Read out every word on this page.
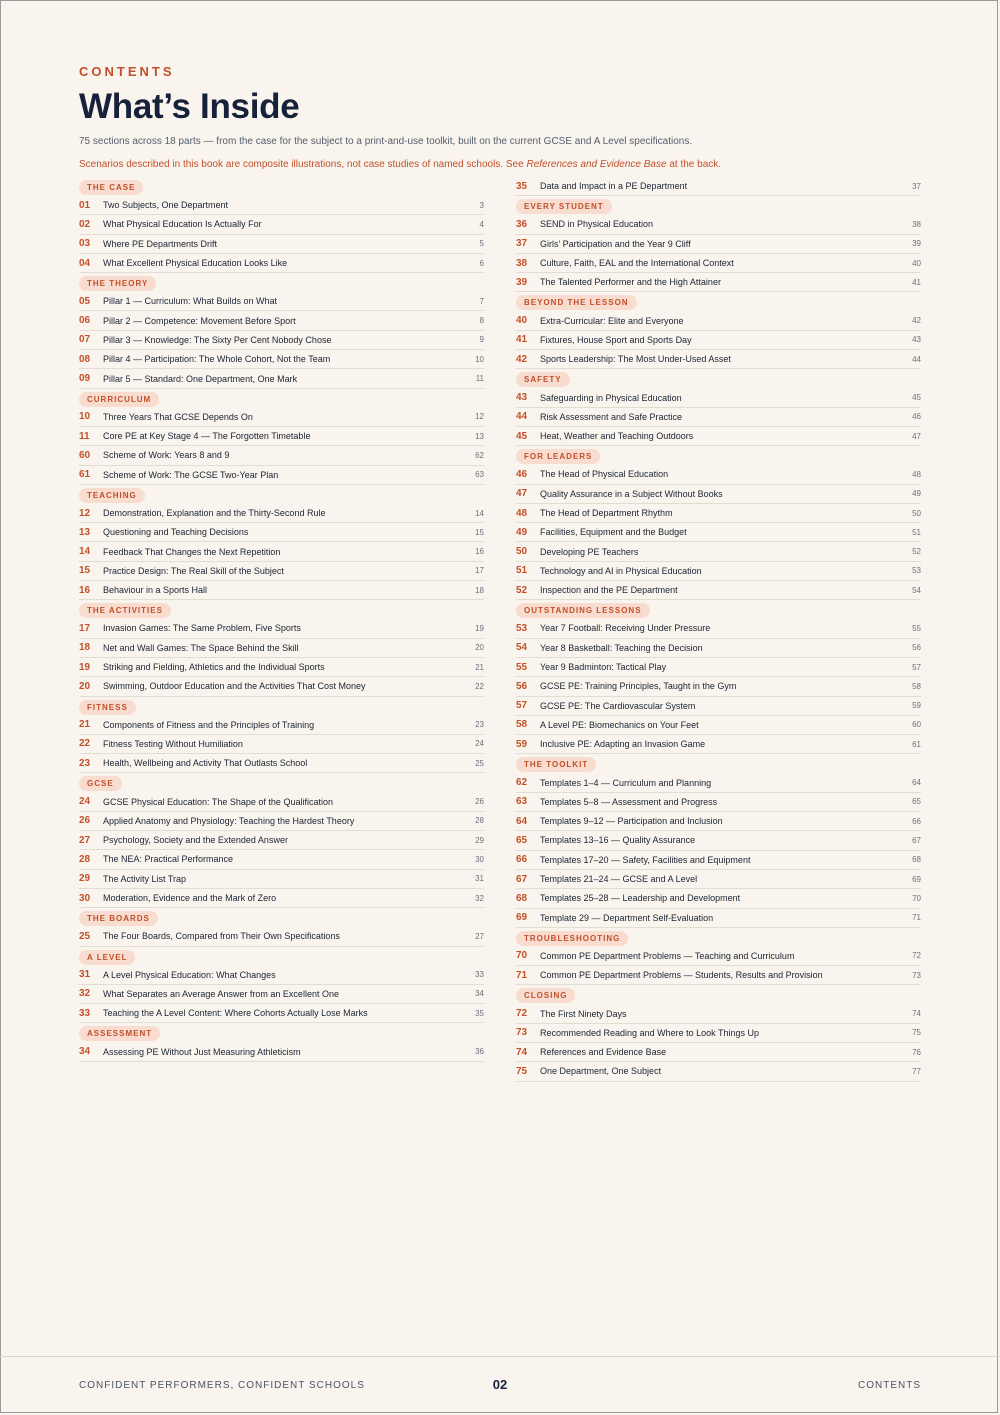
CONTENTS
What’s Inside

75 sections across 18 parts — from the case for the subject to a print-and-use toolkit, built on the current GCSE and A Level specifications.

Scenarios described in this book are composite illustrations, not case studies of named schools. See References and Evidence Base at the back.

THE CASE
01	Two Subjects, One Department	3
02	What Physical Education Is Actually For	4
03	Where PE Departments Drift	5
04	What Excellent Physical Education Looks Like	6
THE THEORY
05	Pillar 1 — Curriculum: What Builds on What	7
06	Pillar 2 — Competence: Movement Before Sport	8
07	Pillar 3 — Knowledge: The Sixty Per Cent Nobody Chose	9
08	Pillar 4 — Participation: The Whole Cohort, Not the Team	10
09	Pillar 5 — Standard: One Department, One Mark	11
CURRICULUM
10	Three Years That GCSE Depends On	12
11	Core PE at Key Stage 4 — The Forgotten Timetable	13
60	Scheme of Work: Years 8 and 9	62
61	Scheme of Work: The GCSE Two-Year Plan	63
TEACHING
12	Demonstration, Explanation and the Thirty-Second Rule	14
13	Questioning and Teaching Decisions	15
14	Feedback That Changes the Next Repetition	16
15	Practice Design: The Real Skill of the Subject	17
16	Behaviour in a Sports Hall	18
THE ACTIVITIES
17	Invasion Games: The Same Problem, Five Sports	19
18	Net and Wall Games: The Space Behind the Skill	20
19	Striking and Fielding, Athletics and the Individual Sports	21
20	Swimming, Outdoor Education and the Activities That Cost Money	22
FITNESS
21	Components of Fitness and the Principles of Training	23
22	Fitness Testing Without Humiliation	24
23	Health, Wellbeing and Activity That Outlasts School	25
GCSE
24	GCSE Physical Education: The Shape of the Qualification	26
26	Applied Anatomy and Physiology: Teaching the Hardest Theory	28
27	Psychology, Society and the Extended Answer	29
28	The NEA: Practical Performance	30
29	The Activity List Trap	31
30	Moderation, Evidence and the Mark of Zero	32
THE BOARDS
25	The Four Boards, Compared from Their Own Specifications	27
A LEVEL
31	A Level Physical Education: What Changes	33
32	What Separates an Average Answer from an Excellent One	34
33	Teaching the A Level Content: Where Cohorts Actually Lose Marks	35
ASSESSMENT
34	Assessing PE Without Just Measuring Athleticism	36
35	Data and Impact in a PE Department	37
EVERY STUDENT
36	SEND in Physical Education	38
37	Girls’ Participation and the Year 9 Cliff	39
38	Culture, Faith, EAL and the International Context	40
39	The Talented Performer and the High Attainer	41
BEYOND THE LESSON
40	Extra-Curricular: Elite and Everyone	42
41	Fixtures, House Sport and Sports Day	43
42	Sports Leadership: The Most Under-Used Asset	44
SAFETY
43	Safeguarding in Physical Education	45
44	Risk Assessment and Safe Practice	46
45	Heat, Weather and Teaching Outdoors	47
FOR LEADERS
46	The Head of Physical Education	48
47	Quality Assurance in a Subject Without Books	49
48	The Head of Department Rhythm	50
49	Facilities, Equipment and the Budget	51
50	Developing PE Teachers	52
51	Technology and AI in Physical Education	53
52	Inspection and the PE Department	54
OUTSTANDING LESSONS
53	Year 7 Football: Receiving Under Pressure	55
54	Year 8 Basketball: Teaching the Decision	56
55	Year 9 Badminton: Tactical Play	57
56	GCSE PE: Training Principles, Taught in the Gym	58
57	GCSE PE: The Cardiovascular System	59
58	A Level PE: Biomechanics on Your Feet	60
59	Inclusive PE: Adapting an Invasion Game	61
THE TOOLKIT
62	Templates 1–4 — Curriculum and Planning	64
63	Templates 5–8 — Assessment and Progress	65
64	Templates 9–12 — Participation and Inclusion	66
65	Templates 13–16 — Quality Assurance	67
66	Templates 17–20 — Safety, Facilities and Equipment	68
67	Templates 21–24 — GCSE and A Level	69
68	Templates 25–28 — Leadership and Development	70
69	Template 29 — Department Self-Evaluation	71
TROUBLESHOOTING
70	Common PE Department Problems — Teaching and Curriculum	72
71	Common PE Department Problems — Students, Results and Provision	73
CLOSING
72	The First Ninety Days	74
73	Recommended Reading and Where to Look Things Up	75
74	References and Evidence Base	76
75	One Department, One Subject	77
CONFIDENT PERFORMERS, CONFIDENT SCHOOLS	02	CONTENTS
